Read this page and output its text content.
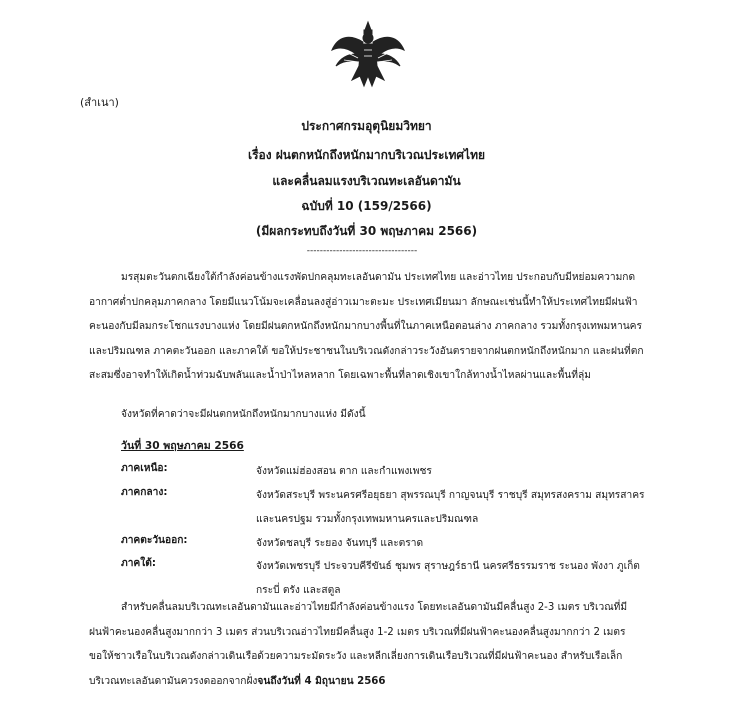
(สำเนา)
ประกาศกรมอุตุนิยมวิทยา
เรื่อง ฝนตกหนักถึงหนักมากบริเวณประเทศไทย
และคลื่นลมแรงบริเวณทะเลอันดามัน
ฉบับที่ 10 (159/2566)
(มีผลกระทบถึงวันที่ 30 พฤษภาคม 2566)
----------------------------------

มรสุมตะวันตกเฉียงใต้กำลังค่อนข้างแรงพัดปกคลุมทะเลอันดามัน ประเทศไทย และอ่าวไทย ประกอบกับมีหย่อมความกด

อากาศต่ำปกคลุมภาคกลาง โดยมีแนวโน้มจะเคลื่อนลงสู่อ่าวเมาะตะมะ ประเทศเมียนมา ลักษณะเช่นนี้ทำให้ประเทศไทยมีฝนฟ้า

คะนองกับมีลมกระโชกแรงบางแห่ง โดยมีฝนตกหนักถึงหนักมากบางพื้นที่ในภาคเหนือตอนล่าง ภาคกลาง รวมทั้งกรุงเทพมหานคร

และปริมณฑล ภาคตะวันออก และภาคใต้ ขอให้ประชาชนในบริเวณดังกล่าวระวังอันตรายจากฝนตกหนักถึงหนักมาก และฝนที่ตก

สะสมซึ่งอาจทำให้เกิดน้ำท่วมฉับพลันและน้ำป่าไหลหลาก โดยเฉพาะพื้นที่ลาดเชิงเขาใกล้ทางน้ำไหลผ่านและพื้นที่ลุ่ม

จังหวัดที่คาดว่าจะมีฝนตกหนักถึงหนักมากบางแห่ง มีดังนี้
วันที่ 30 พฤษภาคม 2566
ภาคเหนือ:	จังหวัดแม่ฮ่องสอน ตาก และกำแพงเพชร
ภาคกลาง:	จังหวัดสระบุรี พระนครศรีอยุธยา สุพรรณบุรี กาญจนบุรี ราชบุรี สมุทรสงคราม สมุทรสาคร
และนครปฐม รวมทั้งกรุงเทพมหานครและปริมณฑล
ภาคตะวันออก:	จังหวัดชลบุรี ระยอง จันทบุรี และตราด
ภาคใต้:	จังหวัดเพชรบุรี ประจวบคีรีขันธ์ ชุมพร สุราษฎร์ธานี นครศรีธรรมราช ระนอง พังงา ภูเก็ต
กระบี่ ตรัง และสตูล

สำหรับคลื่นลมบริเวณทะเลอันดามันและอ่าวไทยมีกำลังค่อนข้างแรง โดยทะเลอันดามันมีคลื่นสูง 2-3 เมตร บริเวณที่มี

ฝนฟ้าคะนองคลื่นสูงมากกว่า 3 เมตร ส่วนบริเวณอ่าวไทยมีคลื่นสูง 1-2 เมตร บริเวณที่มีฝนฟ้าคะนองคลื่นสูงมากกว่า 2 เมตร

ขอให้ชาวเรือในบริเวณดังกล่าวเดินเรือด้วยความระมัดระวัง และหลีกเลี่ยงการเดินเรือบริเวณที่มีฝนฟ้าคะนอง สำหรับเรือเล็ก

บริเวณทะเลอันดามันควรงดออกจากฝั่งจนถึงวันที่ 4 มิถุนายน 2566
